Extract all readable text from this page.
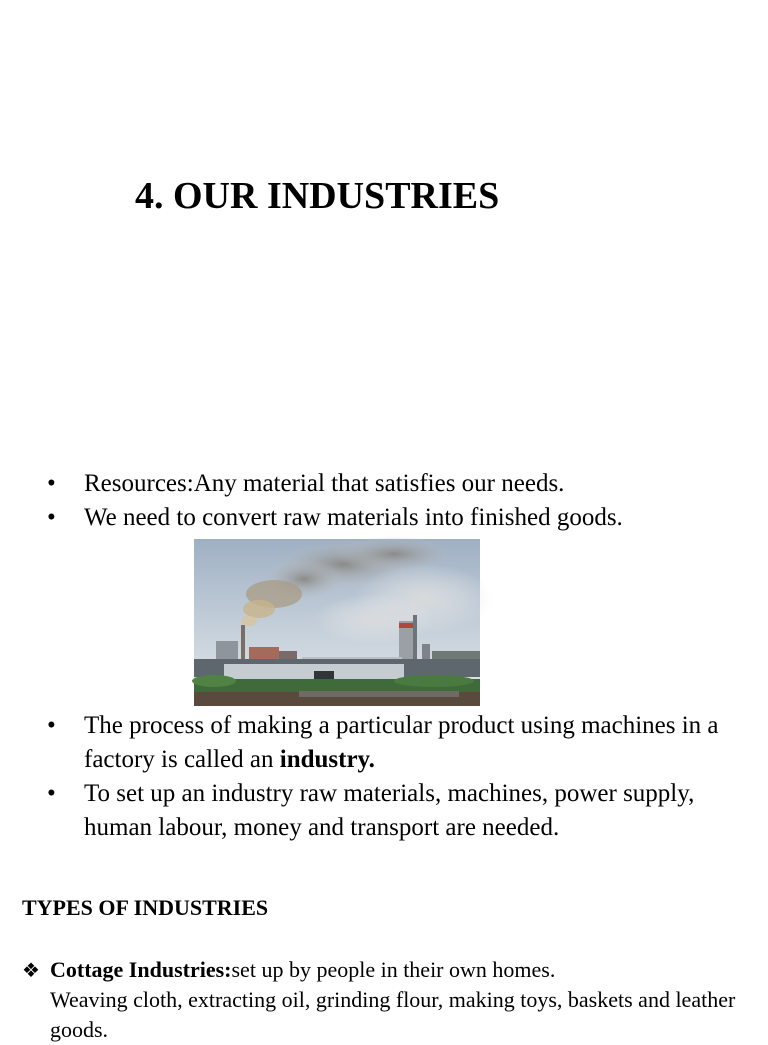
4. OUR INDUSTRIES
• Resources:Any material that satisfies our needs.
• We need to convert raw materials into finished goods.
• The process of making a particular product using machines in a factory is called an industry.
• To set up an industry raw materials, machines, power supply, human labour, money and transport are needed.
TYPES OF INDUSTRIES

❖ Cottage Industries:set up by people in their own homes.
Weaving cloth, extracting oil, grinding flour, making toys, baskets and leather goods.
